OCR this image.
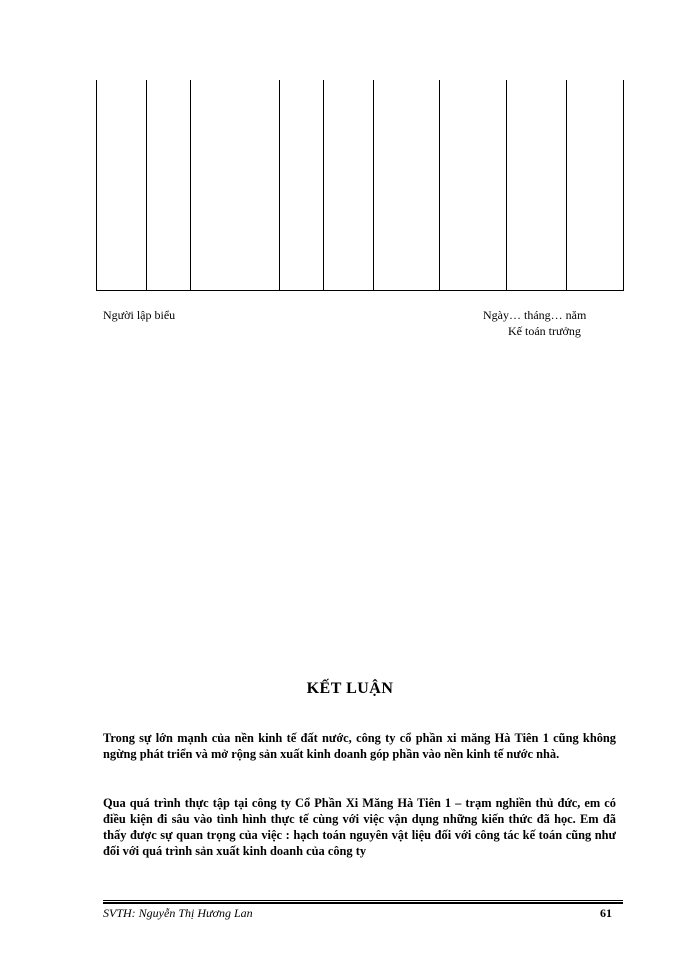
Người lập biểu	Ngày… tháng… năm
Kế toán trưởng
KẾT LUẬN
Trong sự lớn mạnh của nền kinh tế đất nước, công ty cổ phần xi măng Hà Tiên 1 cũng không ngừng phát triển và mở rộng sản xuất kinh doanh góp phần vào nền kinh tế nước nhà.
Qua quá trình thực tập tại công ty Cổ Phần Xi Măng Hà Tiên 1 – trạm nghiền thủ đức, em có điều kiện đi sâu vào tình hình thực tế cùng với việc vận dụng những kiến thức đã học. Em đã thấy được sự quan trọng của việc : hạch toán nguyên vật liệu đối với công tác kế toán cũng như đối với quá trình sản xuất kinh doanh của công ty
SVTH: Nguyễn Thị Hương Lan	61
